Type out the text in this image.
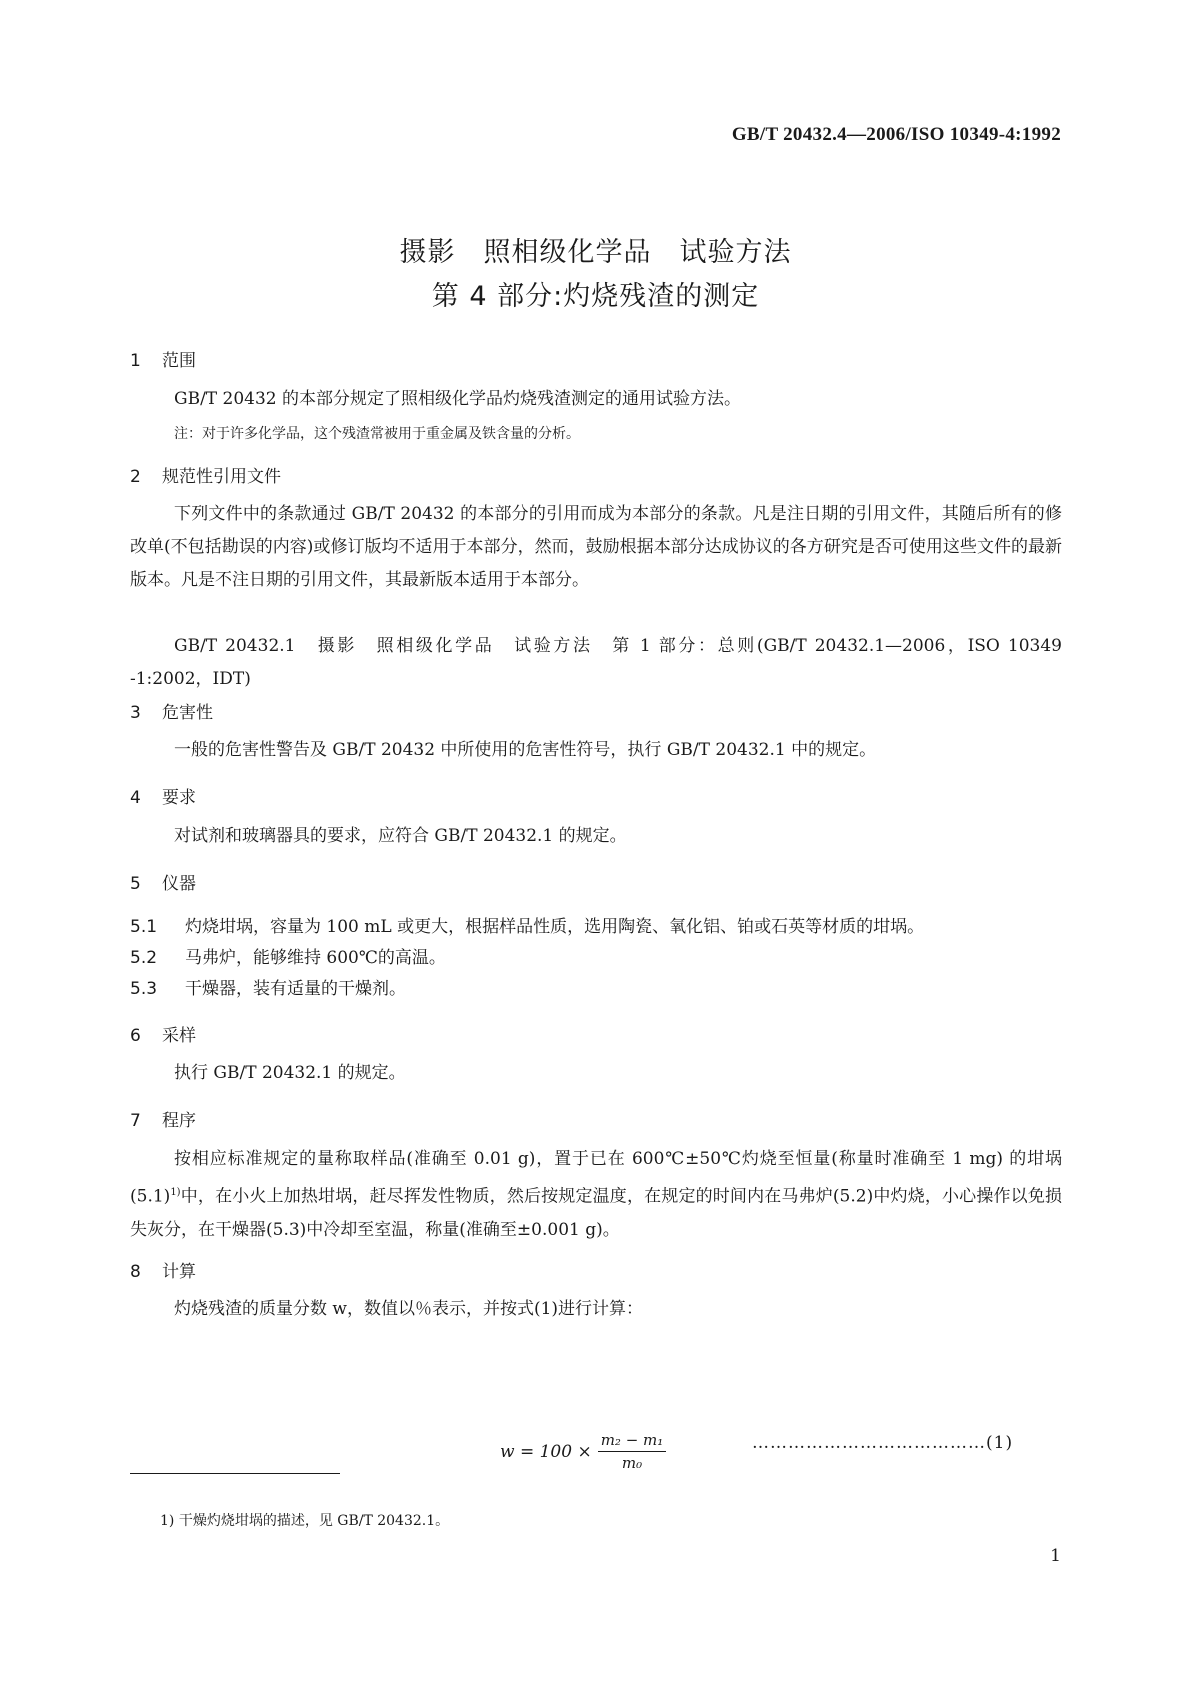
GB/T 20432.4—2006/ISO 10349-4:1992
摄影　照相级化学品　试验方法
第 4 部分:灼烧残渣的测定
1 范围
GB/T 20432 的本部分规定了照相级化学品灼烧残渣测定的通用试验方法。
注：对于许多化学品，这个残渣常被用于重金属及铁含量的分析。
2 规范性引用文件
下列文件中的条款通过 GB/T 20432 的本部分的引用而成为本部分的条款。凡是注日期的引用文件，其随后所有的修改单(不包括勘误的内容)或修订版均不适用于本部分，然而，鼓励根据本部分达成协议的各方研究是否可使用这些文件的最新版本。凡是不注日期的引用文件，其最新版本适用于本部分。
GB/T 20432.1　摄影　照相级化学品　试验方法　第 1 部分：总则(GB/T 20432.1—2006，ISO 10349 -1:2002，IDT)
3 危害性
一般的危害性警告及 GB/T 20432 中所使用的危害性符号，执行 GB/T 20432.1 中的规定。
4 要求
对试剂和玻璃器具的要求，应符合 GB/T 20432.1 的规定。
5 仪器
5.1 灼烧坩埚，容量为 100 mL 或更大，根据样品性质，选用陶瓷、氧化铝、铂或石英等材质的坩埚。
5.2 马弗炉，能够维持 600℃的高温。
5.3 干燥器，装有适量的干燥剂。
6 采样
执行 GB/T 20432.1 的规定。
7 程序
按相应标准规定的量称取样品(准确至 0.01 g)，置于已在 600℃±50℃灼烧至恒量(称量时准确至 1 mg) 的坩埚$(5.1)^{1)}$中，在小火上加热坩埚，赶尽挥发性物质，然后按规定温度，在规定的时间内在马弗炉(5.2)中灼烧，小心操作以免损失灰分，在干燥器(5.3)中冷却至室温，称量(准确至±0.001 g)。
8 计算
灼烧残渣的质量分数 w，数值以％表示，并按式(1)进行计算：
$w = 100 \times \frac{\text{m₂ − m₁}}{\text{m₀}}$	…………………………………(1)
1) 干燥灼烧坩埚的描述，见 GB/T 20432.1。
1
